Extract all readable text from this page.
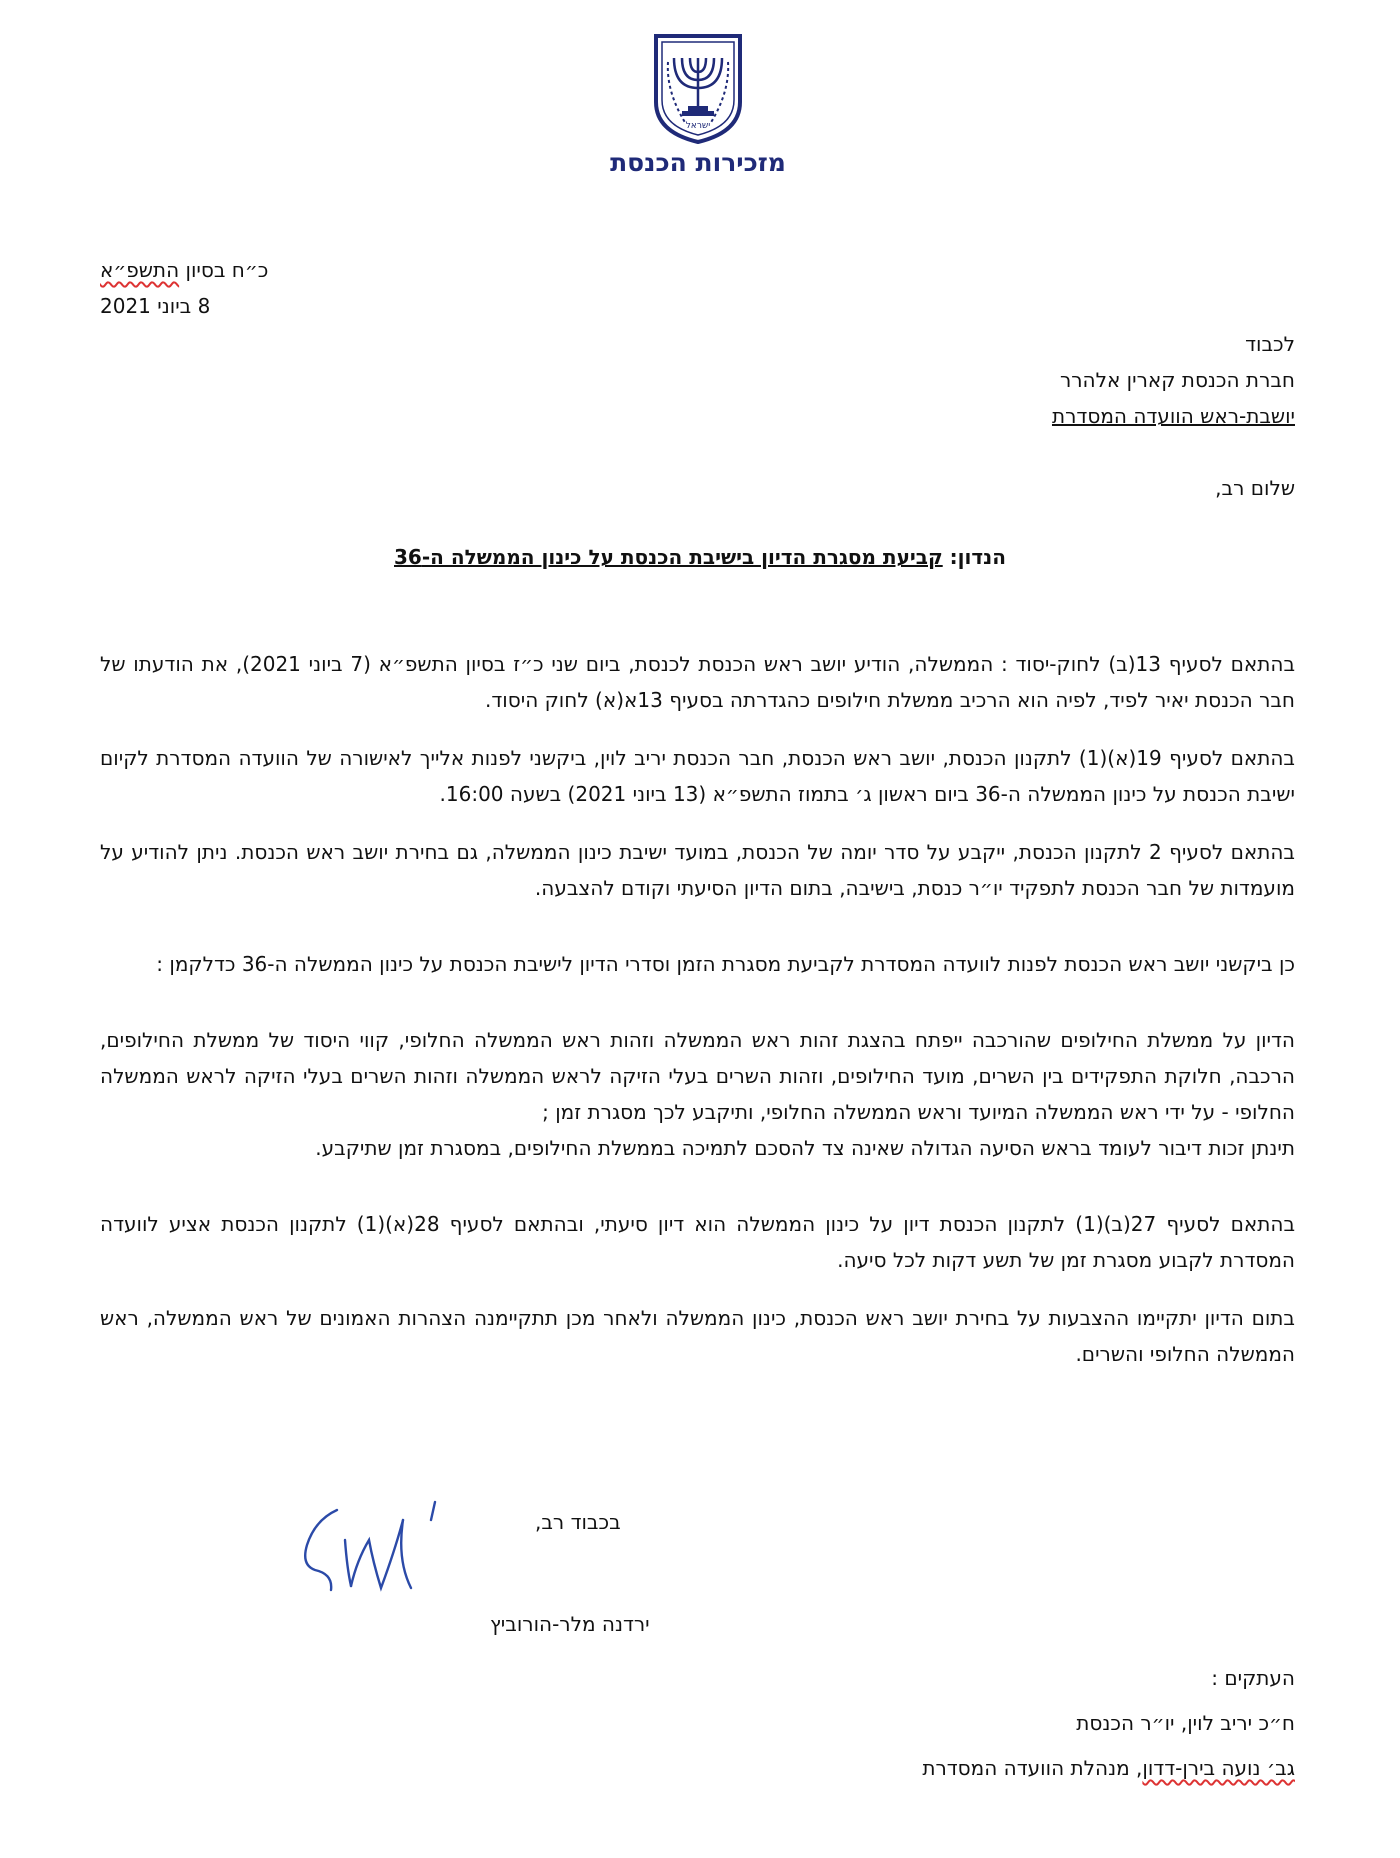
ישראל
מזכירות הכנסת
כ״ח בסיון התשפ״א
8 ביוני 2021
לכבוד
חברת הכנסת קארין אלהרר
יושבת-ראש הוועדה המסדרת
שלום רב,
הנדון: קביעת מסגרת הדיון בישיבת הכנסת על כינון הממשלה ה-36

בהתאם לסעיף 13(ב) לחוק-יסוד : הממשלה, הודיע יושב ראש הכנסת לכנסת, ביום שני כ״ז בסיון התשפ״א (7 ביוני 2021), את הודעתו של חבר הכנסת יאיר לפיד, לפיה הוא הרכיב ממשלת חילופים כהגדרתה בסעיף 13א(א) לחוק היסוד.

בהתאם לסעיף 19(א)(1) לתקנון הכנסת, יושב ראש הכנסת, חבר הכנסת יריב לוין, ביקשני לפנות אלייך לאישורה של הוועדה המסדרת לקיום ישיבת הכנסת על כינון הממשלה ה-36 ביום ראשון ג׳ בתמוז התשפ״א (13 ביוני 2021) בשעה 16:00.

בהתאם לסעיף 2 לתקנון הכנסת, ייקבע על סדר יומה של הכנסת, במועד ישיבת כינון הממשלה, גם בחירת יושב ראש הכנסת. ניתן להודיע על מועמדות של חבר הכנסת לתפקיד יו״ר כנסת, בישיבה, בתום הדיון הסיעתי וקודם להצבעה.

כן ביקשני יושב ראש הכנסת לפנות לוועדה המסדרת לקביעת מסגרת הזמן וסדרי הדיון לישיבת הכנסת על כינון הממשלה ה-36 כדלקמן :

הדיון על ממשלת החילופים שהורכבה ייפתח בהצגת זהות ראש הממשלה וזהות ראש הממשלה החלופי, קווי היסוד של ממשלת החילופים, הרכבה, חלוקת התפקידים בין השרים, מועד החילופים, וזהות השרים בעלי הזיקה לראש הממשלה וזהות השרים בעלי הזיקה לראש הממשלה החלופי - על ידי ראש הממשלה המיועד וראש הממשלה החלופי, ותיקבע לכך מסגרת זמן ;

תינתן זכות דיבור לעומד בראש הסיעה הגדולה שאינה צד להסכם לתמיכה בממשלת החילופים, במסגרת זמן שתיקבע.

בהתאם לסעיף 27(ב)(1) לתקנון הכנסת דיון על כינון הממשלה הוא דיון סיעתי, ובהתאם לסעיף 28(א)(1) לתקנון הכנסת אציע לוועדה המסדרת לקבוע מסגרת זמן של תשע דקות לכל סיעה.

בתום הדיון יתקיימו ההצבעות על בחירת יושב ראש הכנסת, כינון הממשלה ולאחר מכן תתקיימנה הצהרות האמונים של ראש הממשלה, ראש הממשלה החלופי והשרים.

בכבוד רב,
ירדנה מלר-הורוביץ
העתקים :
ח״כ יריב לוין, יו״ר הכנסת
גב׳ נועה בירן-דדון, מנהלת הוועדה המסדרת
